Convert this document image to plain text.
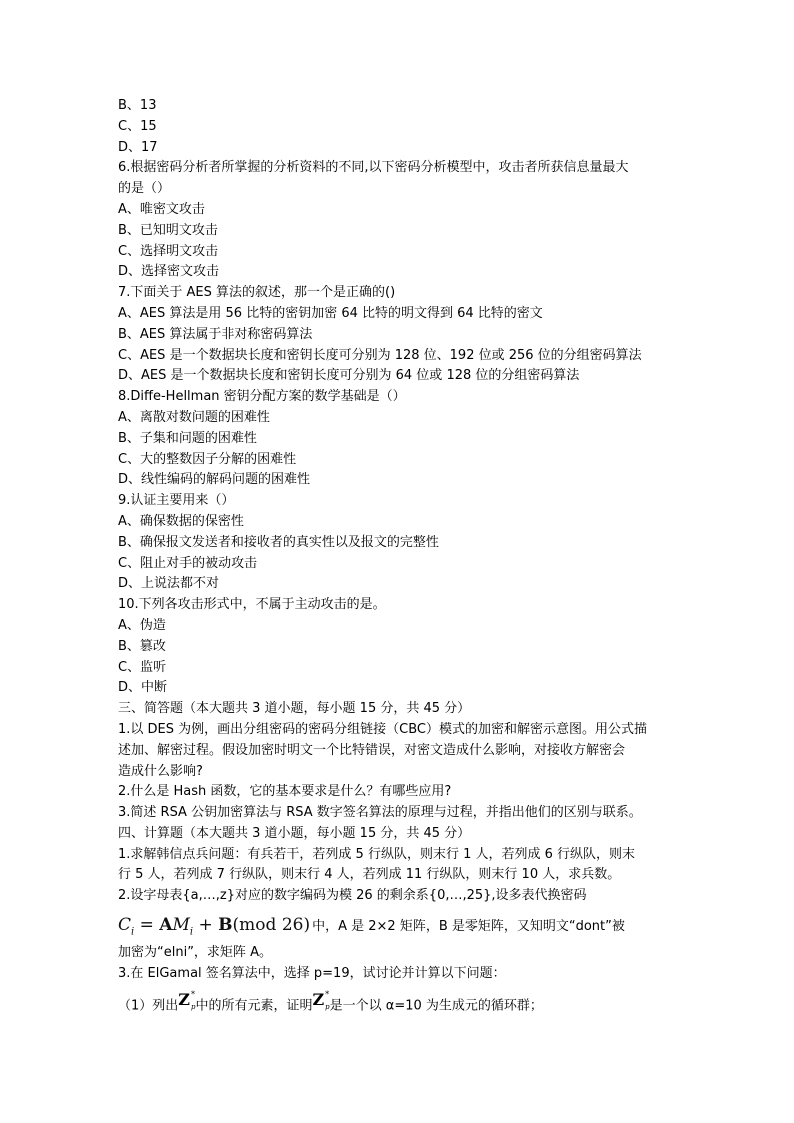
B、13
C、15
D、17
6.根据密码分析者所掌握的分析资料的不同,以下密码分析模型中，攻击者所获信息量最大
的是（）
A、唯密文攻击
B、已知明文攻击
C、选择明文攻击
D、选择密文攻击
7.下面关于 AES 算法的叙述，那一个是正确的()
A、AES 算法是用 56 比特的密钥加密 64 比特的明文得到 64 比特的密文
B、AES 算法属于非对称密码算法
C、AES 是一个数据块长度和密钥长度可分别为 128 位、192 位或 256 位的分组密码算法
D、AES 是一个数据块长度和密钥长度可分别为 64 位或 128 位的分组密码算法
8.Diffe-Hellman 密钥分配方案的数学基础是（）
A、离散对数问题的困难性
B、子集和问题的困难性
C、大的整数因子分解的困难性
D、线性编码的解码问题的困难性
9.认证主要用来（）
A、确保数据的保密性
B、确保报文发送者和接收者的真实性以及报文的完整性
C、阻止对手的被动攻击
D、上说法都不对
10.下列各攻击形式中，不属于主动攻击的是。
A、伪造
B、篡改
C、监听
D、中断
三、简答题（本大题共 3 道小题，每小题 15 分，共 45 分）
1.以 DES 为例，画出分组密码的密码分组链接（CBC）模式的加密和解密示意图。用公式描
述加、解密过程。假设加密时明文一个比特错误，对密文造成什么影响，对接收方解密会
造成什么影响?
2.什么是 Hash 函数，它的基本要求是什么？有哪些应用?
3.简述 RSA 公钥加密算法与 RSA 数字签名算法的原理与过程，并指出他们的区别与联系。
四、计算题（本大题共 3 道小题，每小题 15 分，共 45 分）
1.求解韩信点兵问题：有兵若干，若列成 5 行纵队，则末行 1 人，若列成 6 行纵队，则末
行 5 人，若列成 7 行纵队，则末行 4 人，若列成 11 行纵队，则末行 10 人，求兵数。
2.设字母表{a,…,z}对应的数字编码为模 26 的剩余系{0,…,25},设多表代换密码
$C_i = AM_i + B(mod$ 26) 中，A 是 2×2 矩阵，B 是零矩阵，又知明文“dont”被
加密为“elni”，求矩阵 A。
3.在 ElGamal 签名算法中，选择 p=19，试讨论并计算以下问题：
（1）列出$Z^*_p$中的所有元素，证明$Z^*_p$是一个以 α=10 为生成元的循环群；
